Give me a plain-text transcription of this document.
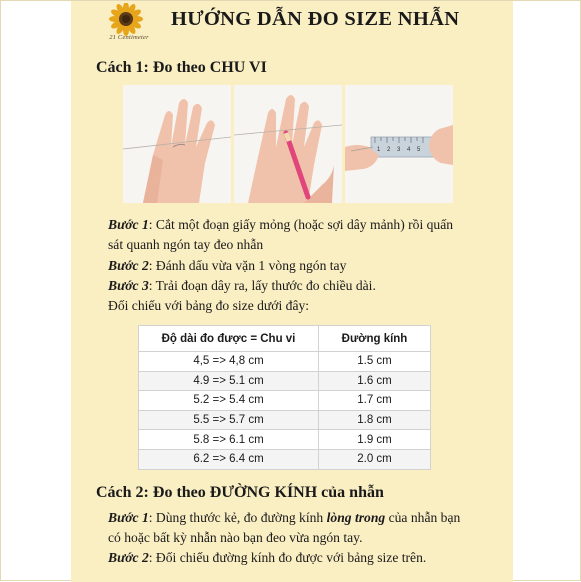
21 Centimeter
HƯỚNG DẪN ĐO SIZE NHẪN
Cách 1: Đo theo CHU VI
1 2 3 4 5
Bước 1: Cắt một đoạn giấy mỏng (hoặc sợi dây mảnh) rồi quấn
sát quanh ngón tay đeo nhẫn
Bước 2: Đánh dấu vừa vặn 1 vòng ngón tay
Bước 3: Trải đoạn dây ra, lấy thước đo chiều dài.
Đối chiếu với bảng đo size dưới đây:
Độ dài đo được = Chu vi	Đường kính
4,5 => 4,8 cm	1.5 cm
4.9 => 5.1 cm	1.6 cm
5.2 => 5.4 cm	1.7 cm
5.5 => 5.7 cm	1.8 cm
5.8 => 6.1 cm	1.9 cm
6.2 => 6.4 cm	2.0 cm
Cách 2: Đo theo ĐƯỜNG KÍNH của nhẫn
Bước 1: Dùng thước kẻ, đo đường kính lòng trong của nhẫn bạn
có hoặc bất kỳ nhẫn nào bạn đeo vừa ngón tay.
Bước 2: Đối chiếu đường kính đo được với bảng size trên.
